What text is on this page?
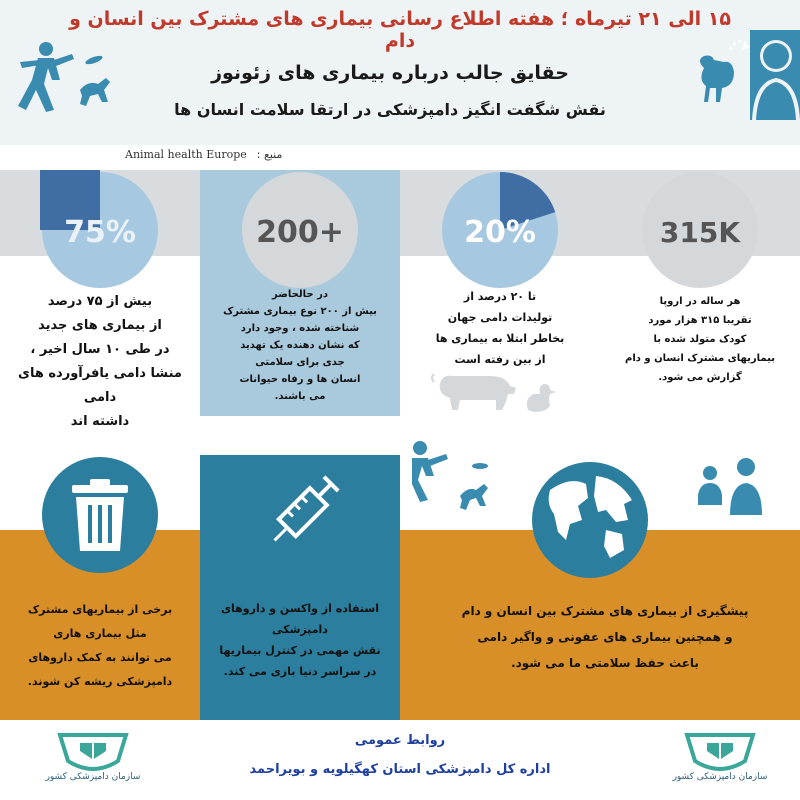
۱۵ الی ۲۱ تیرماه ؛ هفته اطلاع رسانی بیماری های مشترک بین انسان و دام
حقایق جالب درباره بیماری های زئونوز
نقش شگفت انگیز دامپزشکی در ارتقا سلامت انسان ها
Animal health Europe منبع :
75%
بیش از ۷۵ درصد
از بیماری های جدید
در طی ۱۰ سال اخیر ،
منشا دامی یافرآورده های دامی
داشته اند
200+
در حالحاضر
بیش از ۲۰۰ نوع بیماری مشترک
شناخته شده ، وجود دارد
که نشان دهنده یک تهدید
جدی برای سلامتی
انسان ها و رفاه حیوانات
می باشند.
20%
تا ۲۰ درصد از
تولیدات دامی جهان
بخاطر ابتلا به بیماری ها
از بین رفته است
315K
هر ساله در اروپا
تقریبا ۳۱۵ هزار مورد
کودک متولد شده با
بیماریهای مشترک انسان و دام
گزارش می شود.
برخی از بیماریهای مشترک
مثل بیماری هاری
می توانند به کمک داروهای
دامپزشکی ریشه کن شوند.
استفاده از واکسن و داروهای
دامپزشکی
نقش مهمی در کنترل بیماریها
در سراسر دنیا بازی می کند.
پیشگیری از بیماری های مشترک بین انسان و دام
و همچنین بیماری های عفونی و واگیر دامی
باعث حفظ سلامتی ما می شود.
روابط عمومی
اداره کل دامپزشکی استان کهگیلویه و بویراحمد
سازمان دامپزشکی کشور	سازمان دامپزشکی کشور
